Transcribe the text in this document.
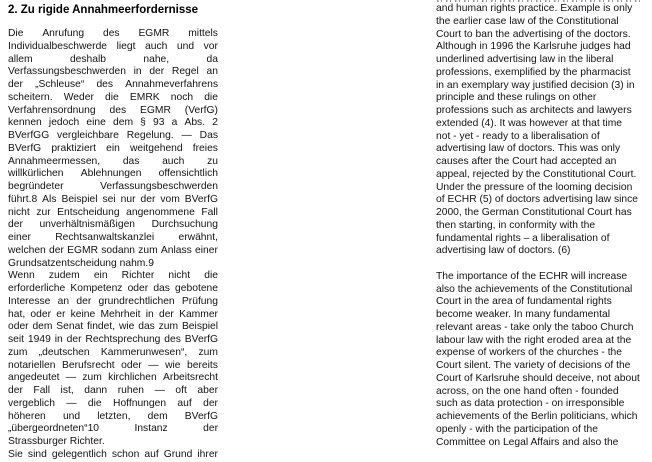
2. Zu rigide Annahmeerfordernisse
Die Anrufung des EGMR mittels
Individualbeschwerde liegt auch und vor
allem	deshalb	nahe,	da
Verfassungsbeschwerden in der Regel an
der „Schleuse“ des Annahmeverfahrens
scheitern. Weder die EMRK noch die
Verfahrensordnung des EGMR (VerfG)
kennen jedoch eine dem § 93 a Abs. 2
BVerfGG vergleichbare Regelung. — Das
BVerfG praktiziert ein weitgehend freies
Annahmeermessen, das auch zu
willkürlichen Ablehnungen offensichtlich
begründeter	Verfassungsbeschwerden
führt.8 Als Beispiel sei nur der vom BVerfG
nicht zur Entscheidung angenommene Fall
der unverhältnismäßigen Durchsuchung
einer Rechtsanwaltskanzlei erwähnt,
welchen der EGMR sodann zum Anlass einer
Grundsatzentscheidung nahm.9
Wenn zudem ein Richter nicht die
erforderliche Kompetenz oder das gebotene
Interesse an der grundrechtlichen Prüfung
hat, oder er keine Mehrheit in der Kammer
oder dem Senat findet, wie das zum Beispiel
seit 1949 in der Rechtsprechung des BVerfG
zum „deutschen Kammerunwesen“, zum
notariellen Berufsrecht oder — wie bereits
angedeutet — zum kirchlichen Arbeitsrecht
der Fall ist, dann ruhen — oft aber
vergeblich — die Hoffnungen auf der
höheren und letzten, dem BVerfG
„übergeordneten“10	Instanz	der
Strassburger Richter.
Sie sind gelegentlich schon auf Grund ihrer
and human rights practice. Example is only
the earlier case law of the Constitutional
Court to ban the advertising of the doctors.
Although in 1996 the Karlsruhe judges had
underlined advertising law in the liberal
professions, exemplified by the pharmacist
in an exemplary way justified decision (3) in
principle and these rulings on other
professions such as architects and lawyers
extended (4). It was however at that time
not - yet - ready to a liberalisation of
advertising law of doctors. This was only
causes after the Court had accepted an
appeal, rejected by the Constitutional Court.
Under the pressure of the looming decision
of ECHR (5) of doctors advertising law since
2000, the German Constitutional Court has
then starting, in conformity with the
fundamental rights – a liberalisation of
advertising law of doctors. (6)
The importance of the ECHR will increase
also the achievements of the Constitutional
Court in the area of fundamental rights
become weaker. In many fundamental
relevant areas - take only the taboo Church
labour law with the right eroded area at the
expense of workers of the churches - the
Court silent. The variety of decisions of the
Court of Karlsruhe should deceive, not about
across, on the one hand often - founded
such as data protection - on irresponsible
achievements of the Berlin politicians, which
openly - with the participation of the
Committee on Legal Affairs and also the
